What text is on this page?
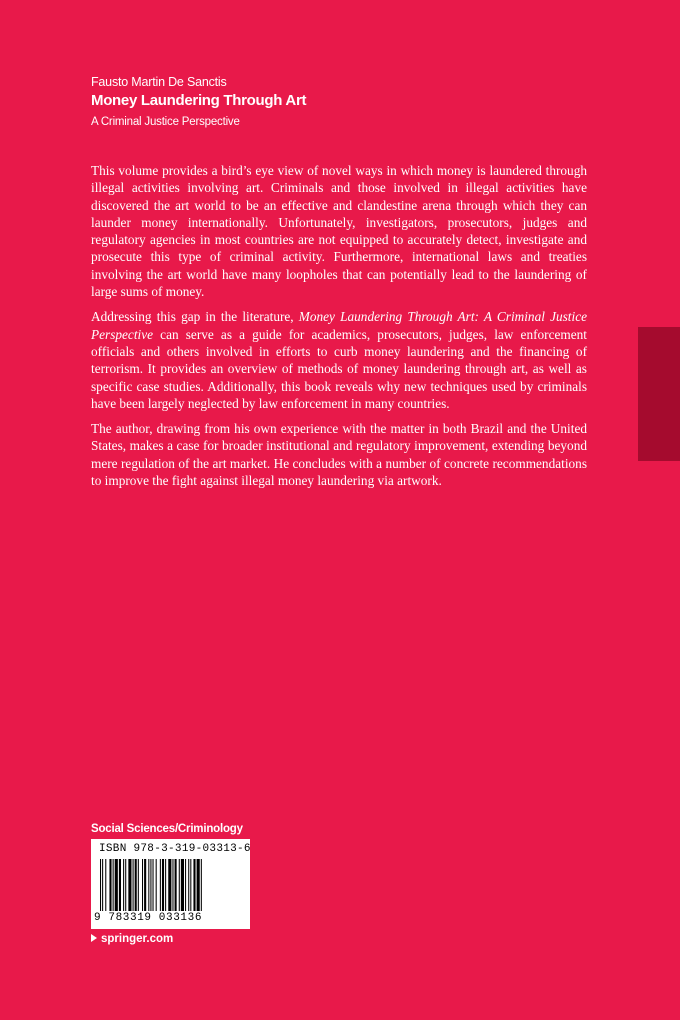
Fausto Martin De Sanctis
Money Laundering Through Art
A Criminal Justice Perspective

This volume provides a bird’s eye view of novel ways in which money is laundered through illegal activities involving art. Criminals and those involved in illegal activities have discovered the art world to be an effective and clandestine arena through which they can launder money internationally. Unfortunately, investigators, prosecutors, judges and regulatory agencies in most countries are not equipped to accurately detect, investigate and prosecute this type of criminal activity. Furthermore, international laws and treaties involving the art world have many loopholes that can potentially lead to the laundering of large sums of money.

Addressing this gap in the literature, Money Laundering Through Art: A Criminal Justice Perspective can serve as a guide for academics, prosecutors, judges, law enforcement officials and others involved in efforts to curb money laundering and the financing of terrorism. It provides an overview of methods of money laundering through art, as well as specific case studies. Additionally, this book reveals why new techniques used by criminals have been largely neglected by law enforcement in many countries.

The author, drawing from his own experience with the matter in both Brazil and the United States, makes a case for broader institutional and regulatory improvement, extending beyond mere regulation of the art market. He concludes with a number of concrete recommendations to improve the fight against illegal money laundering via artwork.

Social Sciences/Criminology
ISBN 978-3-319-03313-6
9 783319 033136
springer.com
